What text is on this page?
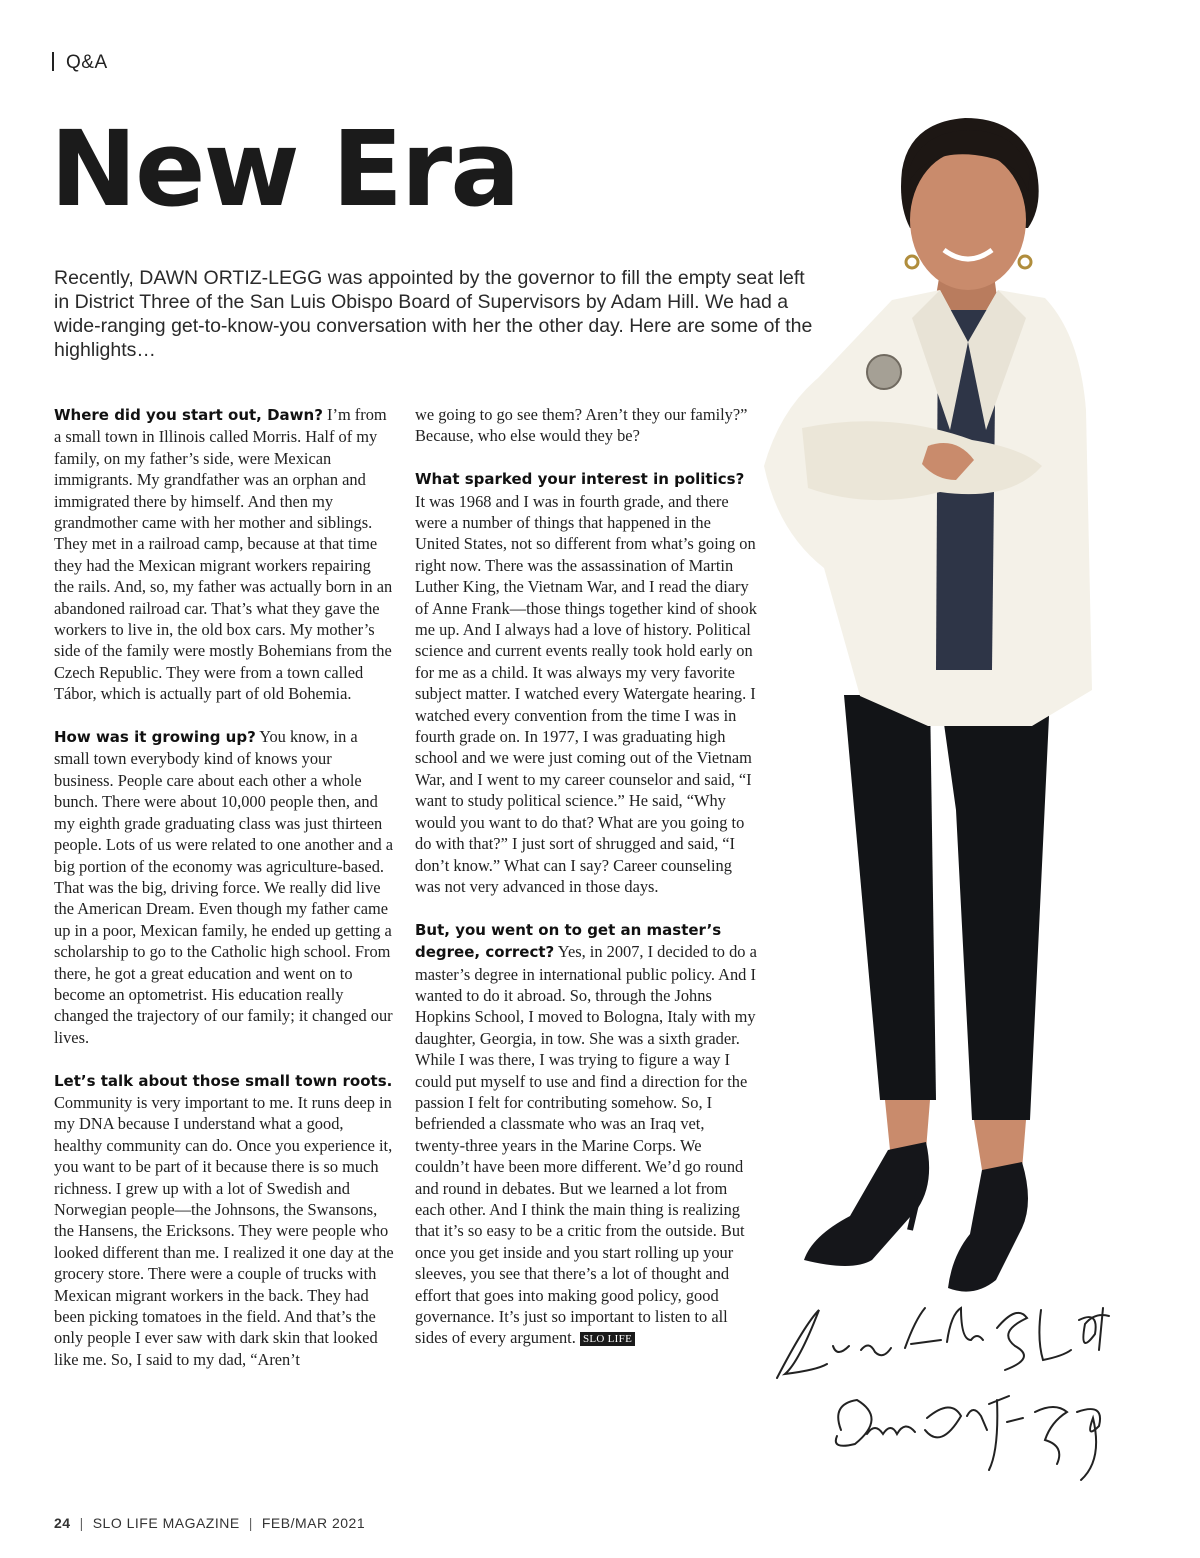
Q&A
New Era

Recently, DAWN ORTIZ-LEGG was appointed by the governor to fill the empty seat left in District Three of the San Luis Obispo Board of Supervisors by Adam Hill. We had a wide-ranging get-to-know-you conversation with her the other day. Here are some of the highlights…

Where did you start out, Dawn? I’m from a small town in Illinois called Morris. Half of my family, on my father’s side, were Mexican immigrants. My grandfather was an orphan and immigrated there by himself. And then my grandmother came with her mother and siblings. They met in a railroad camp, because at that time they had the Mexican migrant workers repairing the rails. And, so, my father was actually born in an abandoned railroad car. That’s what they gave the workers to live in, the old box cars. My mother’s side of the family were mostly Bohemians from the Czech Republic. They were from a town called Tábor, which is actually part of old Bohemia.

How was it growing up? You know, in a small town everybody kind of knows your business. People care about each other a whole bunch. There were about 10,000 people then, and my eighth grade graduating class was just thirteen people. Lots of us were related to one another and a big portion of the economy was agriculture-based. That was the big, driving force. We really did live the American Dream. Even though my father came up in a poor, Mexican family, he ended up getting a scholarship to go to the Catholic high school. From there, he got a great education and went on to become an optometrist. His education really changed the trajectory of our family; it changed our lives.

Let’s talk about those small town roots. Community is very important to me. It runs deep in my DNA because I understand what a good, healthy community can do. Once you experience it, you want to be part of it because there is so much richness. I grew up with a lot of Swedish and Norwegian people—the Johnsons, the Swansons, the Hansens, the Ericksons. They were people who looked different than me. I realized it one day at the grocery store. There were a couple of trucks with Mexican migrant workers in the back. They had been picking tomatoes in the field. And that’s the only people I ever saw with dark skin that looked like me. So, I said to my dad, “Aren’t

we going to go see them? Aren’t they our family?” Because, who else would they be?

What sparked your interest in politics? It was 1968 and I was in fourth grade, and there were a number of things that happened in the United States, not so different from what’s going on right now. There was the assassination of Martin Luther King, the Vietnam War, and I read the diary of Anne Frank—those things together kind of shook me up. And I always had a love of history. Political science and current events really took hold early on for me as a child. It was always my very favorite subject matter. I watched every Watergate hearing. I watched every convention from the time I was in fourth grade on. In 1977, I was graduating high school and we were just coming out of the Vietnam War, and I went to my career counselor and said, “I want to study political science.” He said, “Why would you want to do that? What are you going to do with that?” I just sort of shrugged and said, “I don’t know.” What can I say? Career counseling was not very advanced in those days.

But, you went on to get an master’s degree, correct? Yes, in 2007, I decided to do a master’s degree in international public policy. And I wanted to do it abroad. So, through the Johns Hopkins School, I moved to Bologna, Italy with my daughter, Georgia, in tow. She was a sixth grader. While I was there, I was trying to figure a way I could put myself to use and find a direction for the passion I felt for contributing somehow. So, I befriended a classmate who was an Iraq vet, twenty-three years in the Marine Corps. We couldn’t have been more different. We’d go round and round in debates. But we learned a lot from each other. And I think the main thing is realizing that it’s so easy to be a critic from the outside. But once you get inside and you start rolling up your sleeves, you see that there’s a lot of thought and effort that goes into making good policy, good governance. It’s just so important to listen to all sides of every argument. SLO LIFE

24 | SLO LIFE MAGAZINE | FEB/MAR 2021
